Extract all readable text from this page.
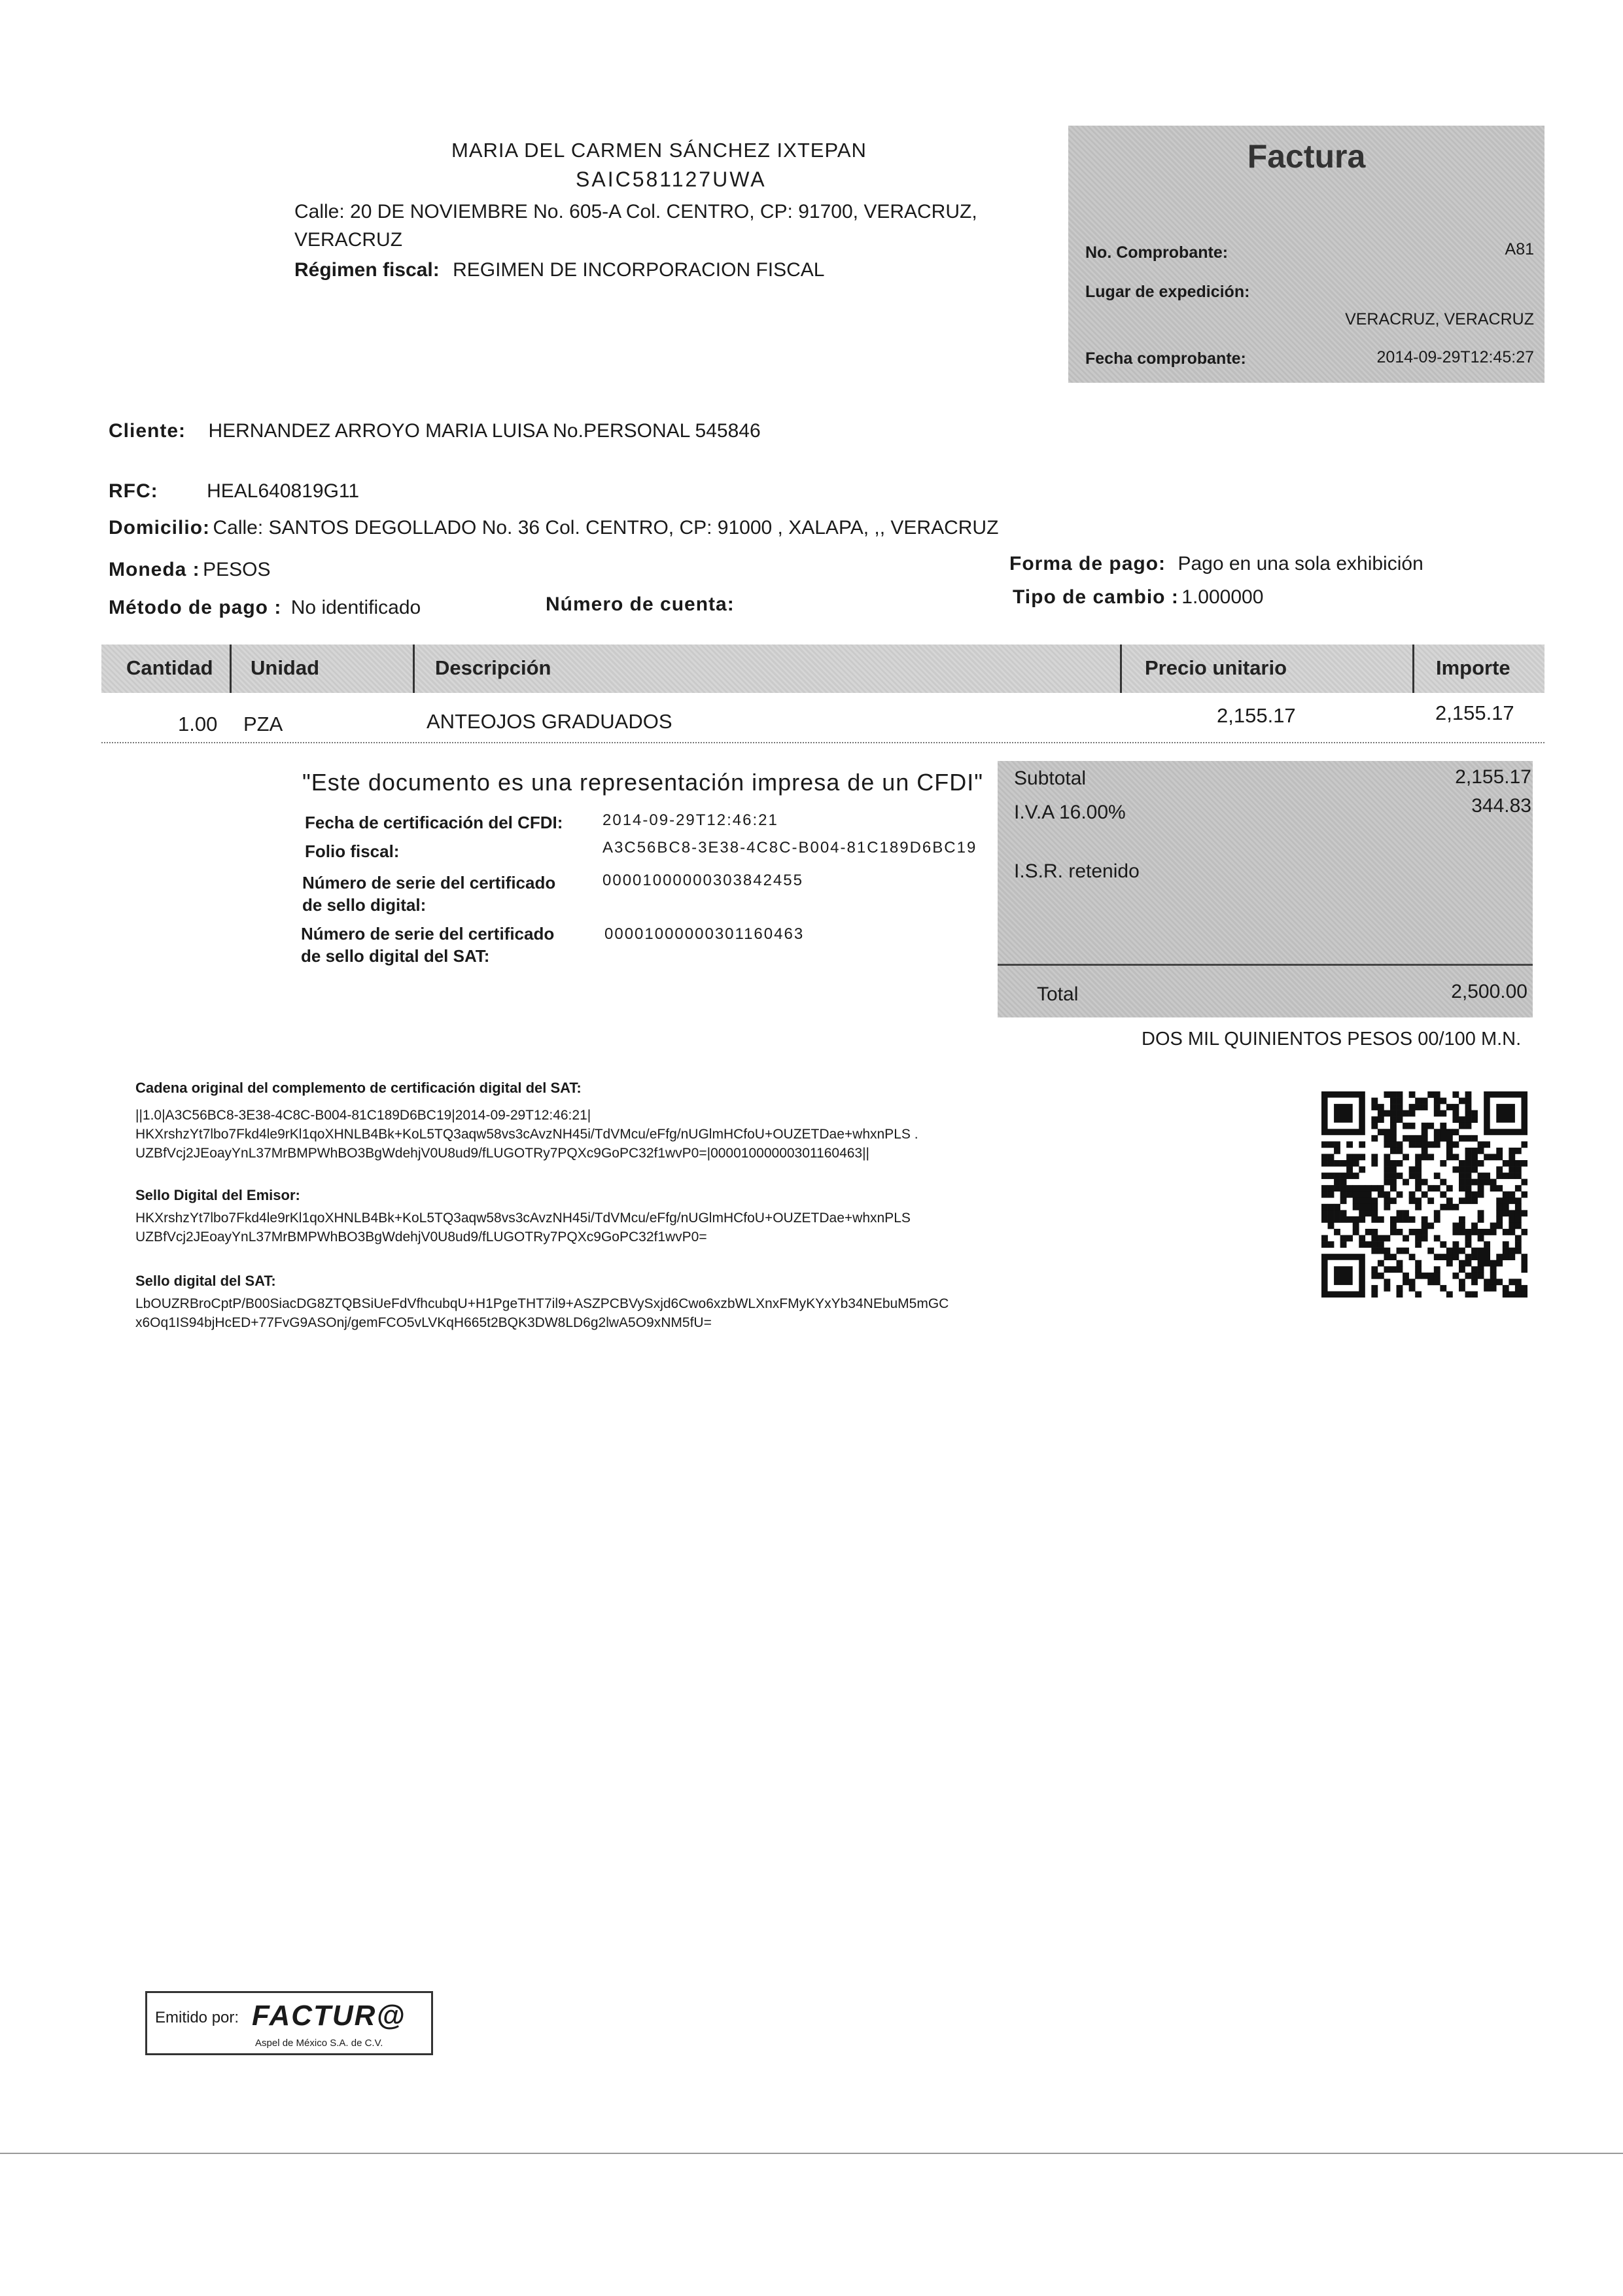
MARIA DEL CARMEN SÁNCHEZ IXTEPAN
SAIC581127UWA
Calle: 20 DE NOVIEMBRE No. 605-A Col. CENTRO, CP: 91700, VERACRUZ, VERACRUZ
Régimen fiscal: REGIMEN DE INCORPORACION FISCAL
Factura
No. Comprobante:	A81
Lugar de expedición:
VERACRUZ, VERACRUZ
Fecha comprobante:	2014-09-29T12:45:27
Cliente: HERNANDEZ ARROYO MARIA LUISA No.PERSONAL 545846
RFC: HEAL640819G11
Domicilio: Calle: SANTOS DEGOLLADO No. 36 Col. CENTRO, CP: 91000 , XALAPA, ,, VERACRUZ
Moneda : PESOS
Método de pago : No identificado	Número de cuenta:
Forma de pago: Pago en una sola exhibición
Tipo de cambio : 1.000000
Cantidad Unidad	Descripción	Precio unitario	Importe
1.00 PZA	ANTEOJOS GRADUADOS	2,155.17	2,155.17
"Este documento es una representación impresa de un CFDI"
Fecha de certificación del CFDI:	2014-09-29T12:46:21
Folio fiscal:	A3C56BC8-3E38-4C8C-B004-81C189D6BC19
Número de serie del certificado
de sello digital:
00001000000303842455
Número de serie del certificado
de sello digital del SAT:
00001000000301160463
Subtotal	2,155.17
I.V.A 16.00%	344.83
I.S.R. retenido
Total	2,500.00
DOS MIL QUINIENTOS PESOS 00/100 M.N.
Cadena original del complemento de certificación digital del SAT:
||1.0|A3C56BC8-3E38-4C8C-B004-81C189D6BC19|2014-09-29T12:46:21|
HKXrshzYt7lbo7Fkd4le9rKl1qoXHNLB4Bk+KoL5TQ3aqw58vs3cAvzNH45i/TdVMcu/eFfg/nUGlmHCfoU+OUZETDae+whxnPLS .
UZBfVcj2JEoayYnL37MrBMPWhBO3BgWdehjV0U8ud9/fLUGOTRy7PQXc9GoPC32f1wvP0=|00001000000301160463||
Sello Digital del Emisor:
HKXrshzYt7lbo7Fkd4le9rKl1qoXHNLB4Bk+KoL5TQ3aqw58vs3cAvzNH45i/TdVMcu/eFfg/nUGlmHCfoU+OUZETDae+whxnPLS
UZBfVcj2JEoayYnL37MrBMPWhBO3BgWdehjV0U8ud9/fLUGOTRy7PQXc9GoPC32f1wvP0=
Sello digital del SAT:
LbOUZRBroCptP/B00SiacDG8ZTQBSiUeFdVfhcubqU+H1PgeTHT7il9+ASZPCBVySxjd6Cwo6xzbWLXnxFMyKYxYb34NEbuM5mGC
x6Oq1IS94bjHcED+77FvG9ASOnj/gemFCO5vLVKqH665t2BQK3DW8LD6g2lwA5O9xNM5fU=
Emitido por: FACTUR@
Aspel de México S.A. de C.V.
